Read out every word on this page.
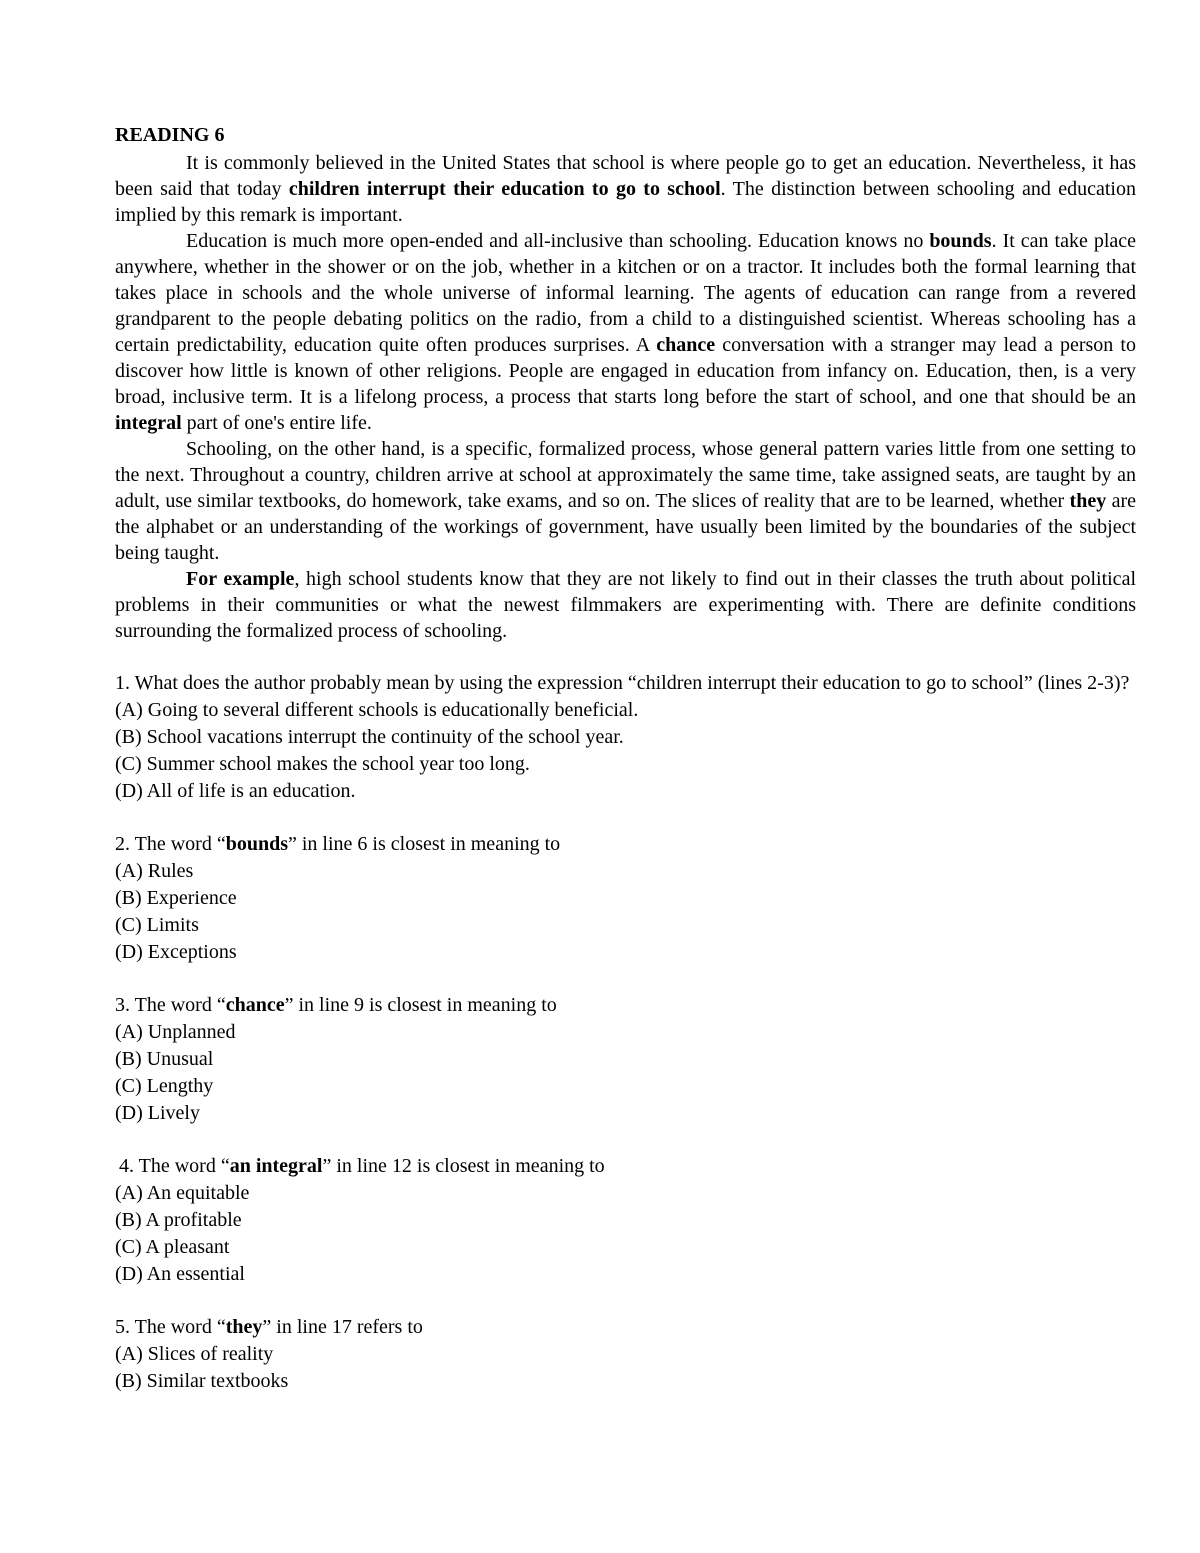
READING 6

It is commonly believed in the United States that school is where people go to get an education. Nevertheless, it has been said that today children interrupt their education to go to school. The distinction between schooling and education implied by this remark is important.

Education is much more open-ended and all-inclusive than schooling. Education knows no bounds. It can take place anywhere, whether in the shower or on the job, whether in a kitchen or on a tractor. It includes both the formal learning that takes place in schools and the whole universe of informal learning. The agents of education can range from a revered grandparent to the people debating politics on the radio, from a child to a distinguished scientist. Whereas schooling has a certain predictability, education quite often produces surprises. A chance conversation with a stranger may lead a person to discover how little is known of other religions. People are engaged in education from infancy on. Education, then, is a very broad, inclusive term. It is a lifelong process, a process that starts long before the start of school, and one that should be an integral part of one's entire life.

Schooling, on the other hand, is a specific, formalized process, whose general pattern varies little from one setting to the next. Throughout a country, children arrive at school at approximately the same time, take assigned seats, are taught by an adult, use similar textbooks, do homework, take exams, and so on. The slices of reality that are to be learned, whether they are the alphabet or an understanding of the workings of government, have usually been limited by the boundaries of the subject being taught.

For example, high school students know that they are not likely to find out in their classes the truth about political problems in their communities or what the newest filmmakers are experimenting with. There are definite conditions surrounding the formalized process of schooling.

1. What does the author probably mean by using the expression “children interrupt their education to go to school” (lines 2-3)?

(A) Going to several different schools is educationally beneficial.

(B) School vacations interrupt the continuity of the school year.

(C) Summer school makes the school year too long.

(D) All of life is an education.

2. The word “bounds” in line 6 is closest in meaning to

(A) Rules

(B) Experience

(C) Limits

(D) Exceptions

3. The word “chance” in line 9 is closest in meaning to

(A) Unplanned

(B) Unusual

(C) Lengthy

(D) Lively

4. The word “an integral” in line 12 is closest in meaning to

(A) An equitable

(B) A profitable

(C) A pleasant

(D) An essential

5. The word “they” in line 17 refers to

(A) Slices of reality

(B) Similar textbooks
